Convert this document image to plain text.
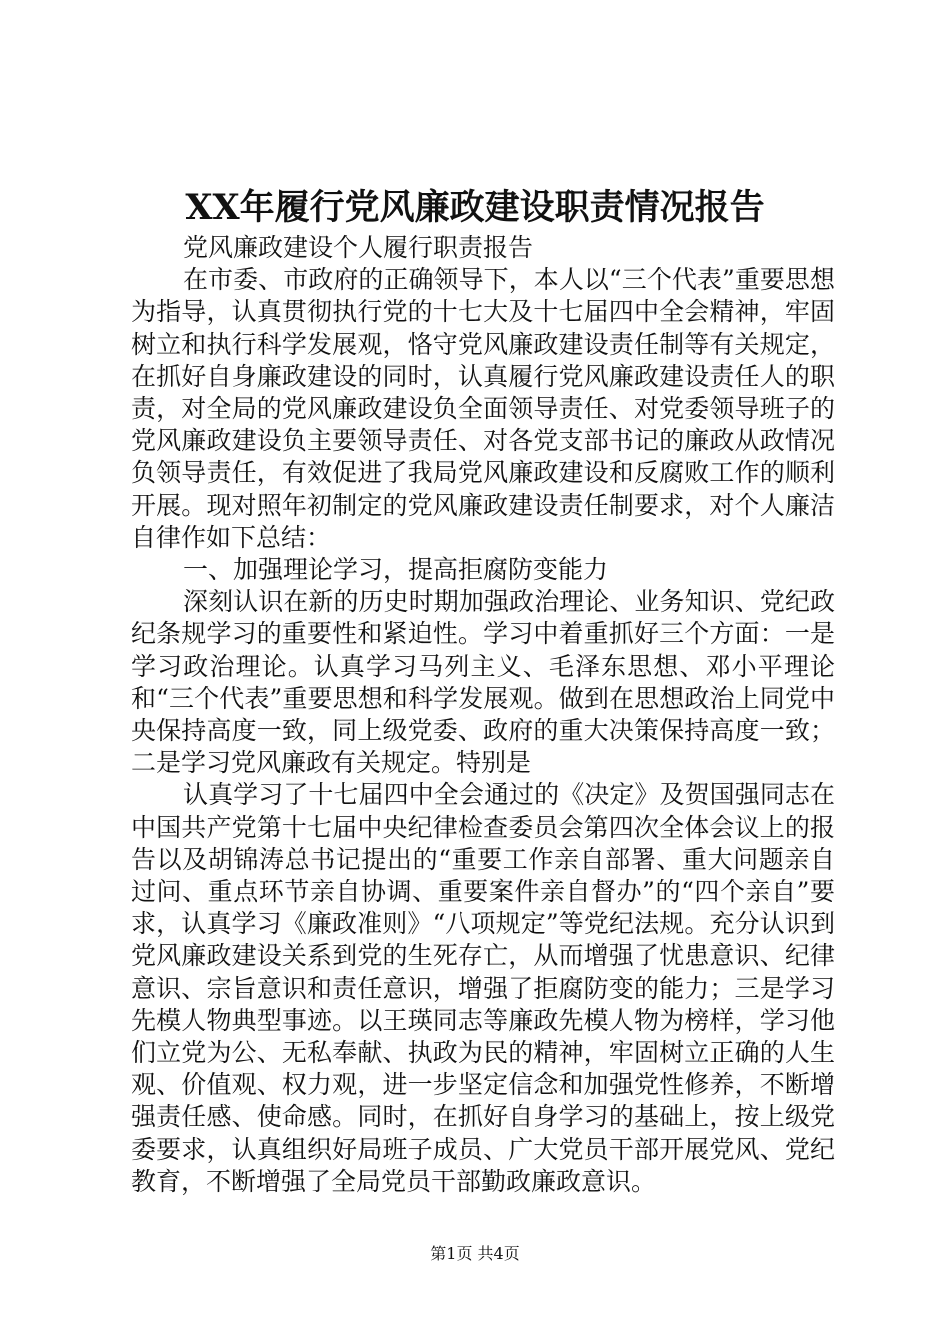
XX年履行党风廉政建设职责情况报告

党风廉政建设个人履行职责报告

在市委、市政府的正确领导下，本人以“三个代表”重要思想为指导，认真贯彻执行党的十七大及十七届四中全会精神，牢固树立和执行科学发展观，恪守党风廉政建设责任制等有关规定，在抓好自身廉政建设的同时，认真履行党风廉政建设责任人的职责，对全局的党风廉政建设负全面领导责任、对党委领导班子的党风廉政建设负主要领导责任、对各党支部书记的廉政从政情况负领导责任，有效促进了我局党风廉政建设和反腐败工作的顺利开展。现对照年初制定的党风廉政建设责任制要求，对个人廉洁自律作如下总结：

一、加强理论学习，提高拒腐防变能力

深刻认识在新的历史时期加强政治理论、业务知识、党纪政纪条规学习的重要性和紧迫性。学习中着重抓好三个方面：一是学习政治理论。认真学习马列主义、毛泽东思想、邓小平理论和“三个代表”重要思想和科学发展观。做到在思想政治上同党中央保持高度一致，同上级党委、政府的重大决策保持高度一致；二是学习党风廉政有关规定。特别是

认真学习了十七届四中全会通过的《决定》及贺国强同志在中国共产党第十七届中央纪律检查委员会第四次全体会议上的报告以及胡锦涛总书记提出的“重要工作亲自部署、重大问题亲自过问、重点环节亲自协调、重要案件亲自督办”的“四个亲自”要求，认真学习《廉政准则》“八项规定”等党纪法规。充分认识到党风廉政建设关系到党的生死存亡，从而增强了忧患意识、纪律意识、宗旨意识和责任意识，增强了拒腐防变的能力；三是学习先模人物典型事迹。以王瑛同志等廉政先模人物为榜样，学习他们立党为公、无私奉献、执政为民的精神，牢固树立正确的人生观、价值观、权力观，进一步坚定信念和加强党性修养，不断增强责任感、使命感。同时，在抓好自身学习的基础上，按上级党委要求，认真组织好局班子成员、广大党员干部开展党风、党纪教育，不断增强了全局党员干部勤政廉政意识。

第1页 共4页
